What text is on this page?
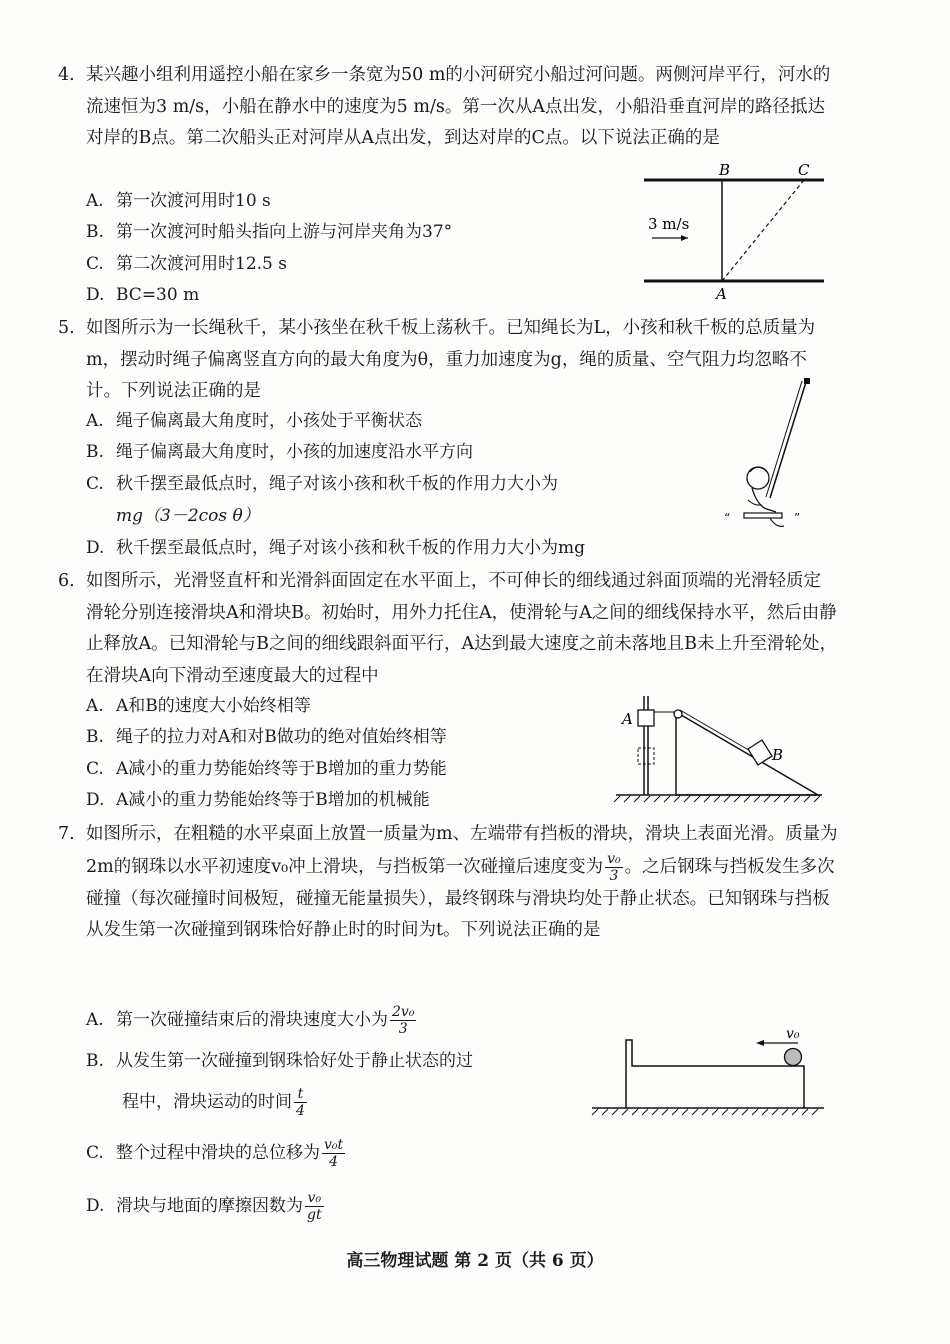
4. 某兴趣小组利用遥控小船在家乡一条宽为50 m的小河研究小船过河问题。两侧河岸平行，河水的流速恒为3 m/s，小船在静水中的速度为5 m/s。第一次从A点出发，小船沿垂直河岸的路径抵达对岸的B点。第二次船头正对河岸从A点出发，到达对岸的C点。以下说法正确的是
A. 第一次渡河用时10 s
B. 第一次渡河时船头指向上游与河岸夹角为37°
C. 第二次渡河用时12.5 s
D. BC=30 m
B	C
A
3 m/s
5. 如图所示为一长绳秋千，某小孩坐在秋千板上荡秋千。已知绳长为L，小孩和秋千板的总质量为m，摆动时绳子偏离竖直方向的最大角度为θ，重力加速度为g，绳的质量、空气阻力均忽略不计。下列说法正确的是
A. 绳子偏离最大角度时，小孩处于平衡状态
B. 绳子偏离最大角度时，小孩的加速度沿水平方向
C. 秋千摆至最低点时，绳子对该小孩和秋千板的作用力大小为
mg（3－2cos θ）
D. 秋千摆至最低点时，绳子对该小孩和秋千板的作用力大小为mg
“	”
6. 如图所示，光滑竖直杆和光滑斜面固定在水平面上，不可伸长的细线通过斜面顶端的光滑轻质定滑轮分别连接滑块A和滑块B。初始时，用外力托住A，使滑轮与A之间的细线保持水平，然后由静止释放A。已知滑轮与B之间的细线跟斜面平行，A达到最大速度之前未落地且B未上升至滑轮处，在滑块A向下滑动至速度最大的过程中
A. A和B的速度大小始终相等
B. 绳子的拉力对A和对B做功的绝对值始终相等
C. A减小的重力势能始终等于B增加的重力势能
D. A减小的重力势能始终等于B增加的机械能
A
B
7. 如图所示，在粗糙的水平桌面上放置一质量为m、左端带有挡板的滑块，滑块上表面光滑。质量为2m的钢珠以水平初速度v₀冲上滑块，与挡板第一次碰撞后速度变为 $\frac{\text{v₀}}{3}$ 。之后钢珠与挡板发生多次碰撞（每次碰撞时间极短，碰撞无能量损失），最终钢珠与滑块均处于静止状态。已知钢珠与挡板从发生第一次碰撞到钢珠恰好静止时的时间为t。下列说法正确的是
A. 第一次碰撞结束后的滑块速度大小为 $\frac{\text{2v₀}}{3}$
B. 从发生第一次碰撞到钢珠恰好处于静止状态的过
程中，滑块运动的时间 $\frac{t}{4}$
C. 整个过程中滑块的总位移为 $\frac{\text{v₀t}}{4}$
D. 滑块与地面的摩擦因数为 $\frac{\text{v₀}}{gt}$
v₀
高三物理试题 第 2 页（共 6 页）
